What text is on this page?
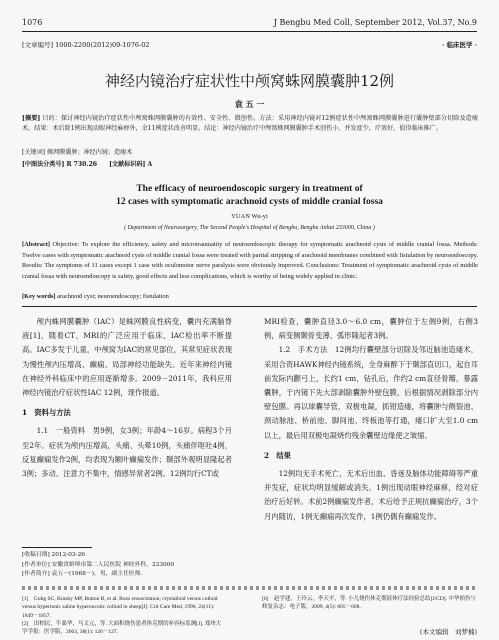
1076	J Bengbu Med Coll, September 2012, Vol.37, No.9
[文章编号] 1000-2200(2012)09-1076-02	· 临床医学 ·
神经内镜治疗症状性中颅窝蛛网膜囊肿12例
袁 五 一
[摘要] 目的：探讨神经内镜治疗症状性中颅窝蛛网膜囊肿的有效性、安全性、微创性。方法：采用神经内镜对12例症状性中颅窝蛛网膜囊肿进行囊肿壁部分切除及造瘘术。结果：术后除1例出现动眼神经麻痹外，余11例症状改善明显。结论：神经内镜治疗中颅窝蛛网膜囊肿手术创伤小、并发症少，疗效好，值得临床推广。
[关键词] 蛛网膜囊肿；神经内镜；造瘘术
[中图法分类号] R 730.26　　[文献标识码] A
The efficacy of neuroendoscopic surgery in treatment of
12 cases with symptomatic arachnoid cysts of middle cranial fossa
YUAN Wu-yi
( Department of Neurosurgery, The Second People's Hospital of Bengbu, Bengbu Anhui 233000, China )
[Abstract] Objective: To explore the efficiency, safety and microtraumatity of neuroendoscopic therapy for symptomatic arachnoid cysts of middle cranial fossa. Methods: Twelve cases with symptomatic arachnoid cysts of middle cranial fossa were treated with partial stripping of arachnoid membranes combined with fistulation by neuroendoscopy. Results: The symptoms of 11 cases except 1 case with oculomotor nerve paralysis were obviously improved. Conclusions: Treatment of symptomatic arachnoid cysts of middle cranial fossa with neuroendoscopy is safety, good effects and less complications, which is worthy of being widely applied in clinic.
[Key words] arachnoid cyst; neuroendoscopy; fistulation

颅内蛛网膜囊肿（IAC）是蛛网膜良性病变，囊内充满脑脊液[1]，随着CT、MRI的广泛应用于临床，IAC检出率不断提高。IAC多发于儿童，中颅窝为IAC的常见部位，其常见症状表现为慢性颅内压增高、癫痫、局部神经功能缺失。近年来神经内镜在神经外科临床中的应用逐渐增多。2009－2011年，我科应用神经内镜治疗症状性IAC 12例，现作报道。

1　资料与方法

1.1　一般资料　男9例，女3例；年龄4～16岁。病程3个月至2年。症状为颅内压增高，头痛、头晕10例，头痛伴呕吐4例，反复癫痫发作2例，均表现为额叶癫痫发作；颞部外观明显隆起者3例；多动、注意力不集中，情感异常者2例。12例均行CT或

[收稿日期] 2012-03-26
[作者单位] 安徽省蚌埠市第二人民医院 神经外科，233000
[作者简介] 袁五一(1968－)，男，副主任医师.

MRI检查，囊肿直径3.0～6.0 cm，囊肿位于左侧9例，右侧3例，病变侧颞骨变薄、弧形隆起者3例。

1.2　手术方法　12例均行囊壁部分切除及邻近脑池造瘘术，采用合资HAWK神经内镜系统，全身麻醉下于颞部直切口，起自耳前发际内颧弓上，长约1 cm，钻孔后，作约2 cm直径骨瓣，暴露囊肿，于内镜下先大部剥除囊肿外壁包膜，后根据情况剥除部分内壁包膜。再以球囊导管，双极电凝，抓钳造瘘，将囊肿与侧裂池、颈动脉池、桥前池、脚间池、终板池等打通，瘘口扩大至1.0 cm以上，最后用双极电凝烧灼残余囊壁边缘使之皱缩。

2　结果

12例均无手术死亡，无术后出血、昏迷及脑体功能障碍等严重并发症，症状均明显缓解或消失。1例出现动眼神经麻痹，经对症治疗后好转。术前2例癫痫发作者，术后给予正规抗癫痫治疗，3个月内随访，1例无癫痫再次发作，1例仍偶有癫痫发作。

[1]　Gubg SC, Kinsky MP, Button B, et al. Burn resuscitation; crystalloid versus colloid versus hypertonic saline hyperoncotic colloid in sheep[J]. Crit Care Med, 1996, 24(11): 1849－1857.
[2]　田柏民，牛桑华，马文元，等. 大面积烧伤患者休克期的补容标监测[J]. 郑州大学学报：医学版，2003, 38(1): 126－127.
[6]　赵学建，王玲云，李天平，等. 小儿烧伤休克期液体疗法经验总结[J/CD]. 中华损伤与修复杂志：电子版，2009, 4(5): 605－608.
(本文编辑　刘梦楠)
